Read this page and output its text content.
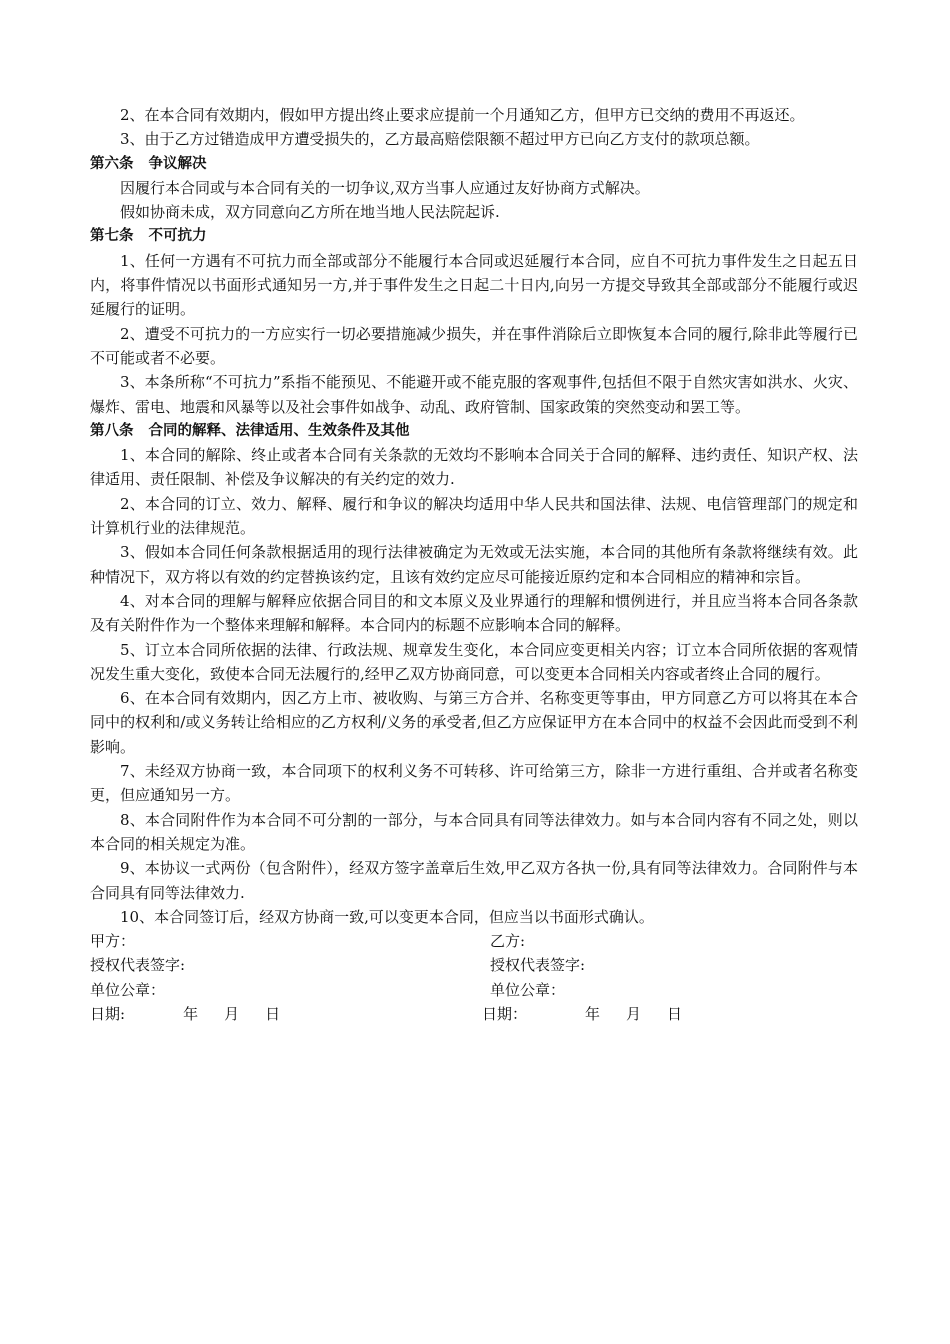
2、在本合同有效期内，假如甲方提出终止要求应提前一个月通知乙方，但甲方已交纳的费用不再返还。

3、由于乙方过错造成甲方遭受损失的，乙方最高赔偿限额不超过甲方已向乙方支付的款项总额。

第六条 争议解决

因履行本合同或与本合同有关的一切争议,双方当事人应通过友好协商方式解决。

假如协商未成，双方同意向乙方所在地当地人民法院起诉.

第七条 不可抗力

1、任何一方遇有不可抗力而全部或部分不能履行本合同或迟延履行本合同，应自不可抗力事件发生之日起五日内，将事件情况以书面形式通知另一方,并于事件发生之日起二十日内,向另一方提交导致其全部或部分不能履行或迟延履行的证明。

2、遭受不可抗力的一方应实行一切必要措施减少损失，并在事件消除后立即恢复本合同的履行,除非此等履行已不可能或者不必要。

3、本条所称“不可抗力”系指不能预见、不能避开或不能克服的客观事件,包括但不限于自然灾害如洪水、火灾、爆炸、雷电、地震和风暴等以及社会事件如战争、动乱、政府管制、国家政策的突然变动和罢工等。

第八条 合同的解释、法律适用、生效条件及其他

1、本合同的解除、终止或者本合同有关条款的无效均不影响本合同关于合同的解释、违约责任、知识产权、法律适用、责任限制、补偿及争议解决的有关约定的效力.

2、本合同的订立、效力、解释、履行和争议的解决均适用中华人民共和国法律、法规、电信管理部门的规定和计算机行业的法律规范。

3、假如本合同任何条款根据适用的现行法律被确定为无效或无法实施，本合同的其他所有条款将继续有效。此种情况下，双方将以有效的约定替换该约定，且该有效约定应尽可能接近原约定和本合同相应的精神和宗旨。

4、对本合同的理解与解释应依据合同目的和文本原义及业界通行的理解和惯例进行，并且应当将本合同各条款及有关附件作为一个整体来理解和解释。本合同内的标题不应影响本合同的解释。

5、订立本合同所依据的法律、行政法规、规章发生变化，本合同应变更相关内容；订立本合同所依据的客观情况发生重大变化，致使本合同无法履行的,经甲乙双方协商同意，可以变更本合同相关内容或者终止合同的履行。

6、在本合同有效期内，因乙方上市、被收购、与第三方合并、名称变更等事由，甲方同意乙方可以将其在本合同中的权利和/或义务转让给相应的乙方权利/义务的承受者,但乙方应保证甲方在本合同中的权益不会因此而受到不利影响。

7、未经双方协商一致，本合同项下的权利义务不可转移、许可给第三方，除非一方进行重组、合并或者名称变更，但应通知另一方。

8、本合同附件作为本合同不可分割的一部分，与本合同具有同等法律效力。如与本合同内容有不同之处，则以本合同的相关规定为准。

9、本协议一式两份（包含附件），经双方签字盖章后生效,甲乙双方各执一份,具有同等法律效力。合同附件与本合同具有同等法律效力.

10、本合同签订后，经双方协商一致,可以变更本合同，但应当以书面形式确认。

甲方：	乙方:
授权代表签字:	授权代表签字:
单位公章：	单位公章：
日期:	年 月 日	日期：	年 月 日
